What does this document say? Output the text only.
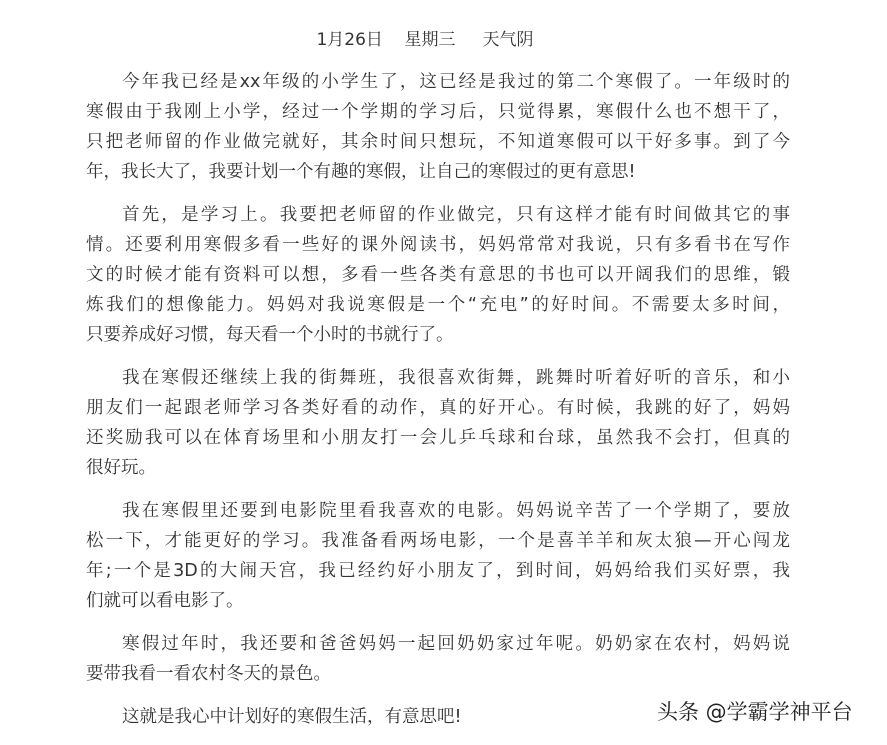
1月26日    星期三     天气阴
今年我已经是xx年级的小学生了，这已经是我过的第二个寒假了。一年级时的
寒假由于我刚上小学，经过一个学期的学习后，只觉得累，寒假什么也不想干了，
只把老师留的作业做完就好，其余时间只想玩，不知道寒假可以干好多事。到了今
年，我长大了，我要计划一个有趣的寒假，让自己的寒假过的更有意思!
首先，是学习上。我要把老师留的作业做完，只有这样才能有时间做其它的事
情。还要利用寒假多看一些好的课外阅读书，妈妈常常对我说，只有多看书在写作
文的时候才能有资料可以想，多看一些各类有意思的书也可以开阔我们的思维，锻
炼我们的想像能力。妈妈对我说寒假是一个“充电”的好时间。不需要太多时间，
只要养成好习惯，每天看一个小时的书就行了。
我在寒假还继续上我的街舞班，我很喜欢街舞，跳舞时听着好听的音乐，和小
朋友们一起跟老师学习各类好看的动作，真的好开心。有时候，我跳的好了，妈妈
还奖励我可以在体育场里和小朋友打一会儿乒乓球和台球，虽然我不会打，但真的
很好玩。
我在寒假里还要到电影院里看我喜欢的电影。妈妈说辛苦了一个学期了，要放
松一下，才能更好的学习。我准备看两场电影，一个是喜羊羊和灰太狼—开心闯龙
年;一个是3D的大闹天宫，我已经约好小朋友了，到时间，妈妈给我们买好票，我
们就可以看电影了。
寒假过年时，我还要和爸爸妈妈一起回奶奶家过年呢。奶奶家在农村，妈妈说
要带我看一看农村冬天的景色。
这就是我心中计划好的寒假生活，有意思吧!	头条 @学霸学神平台
